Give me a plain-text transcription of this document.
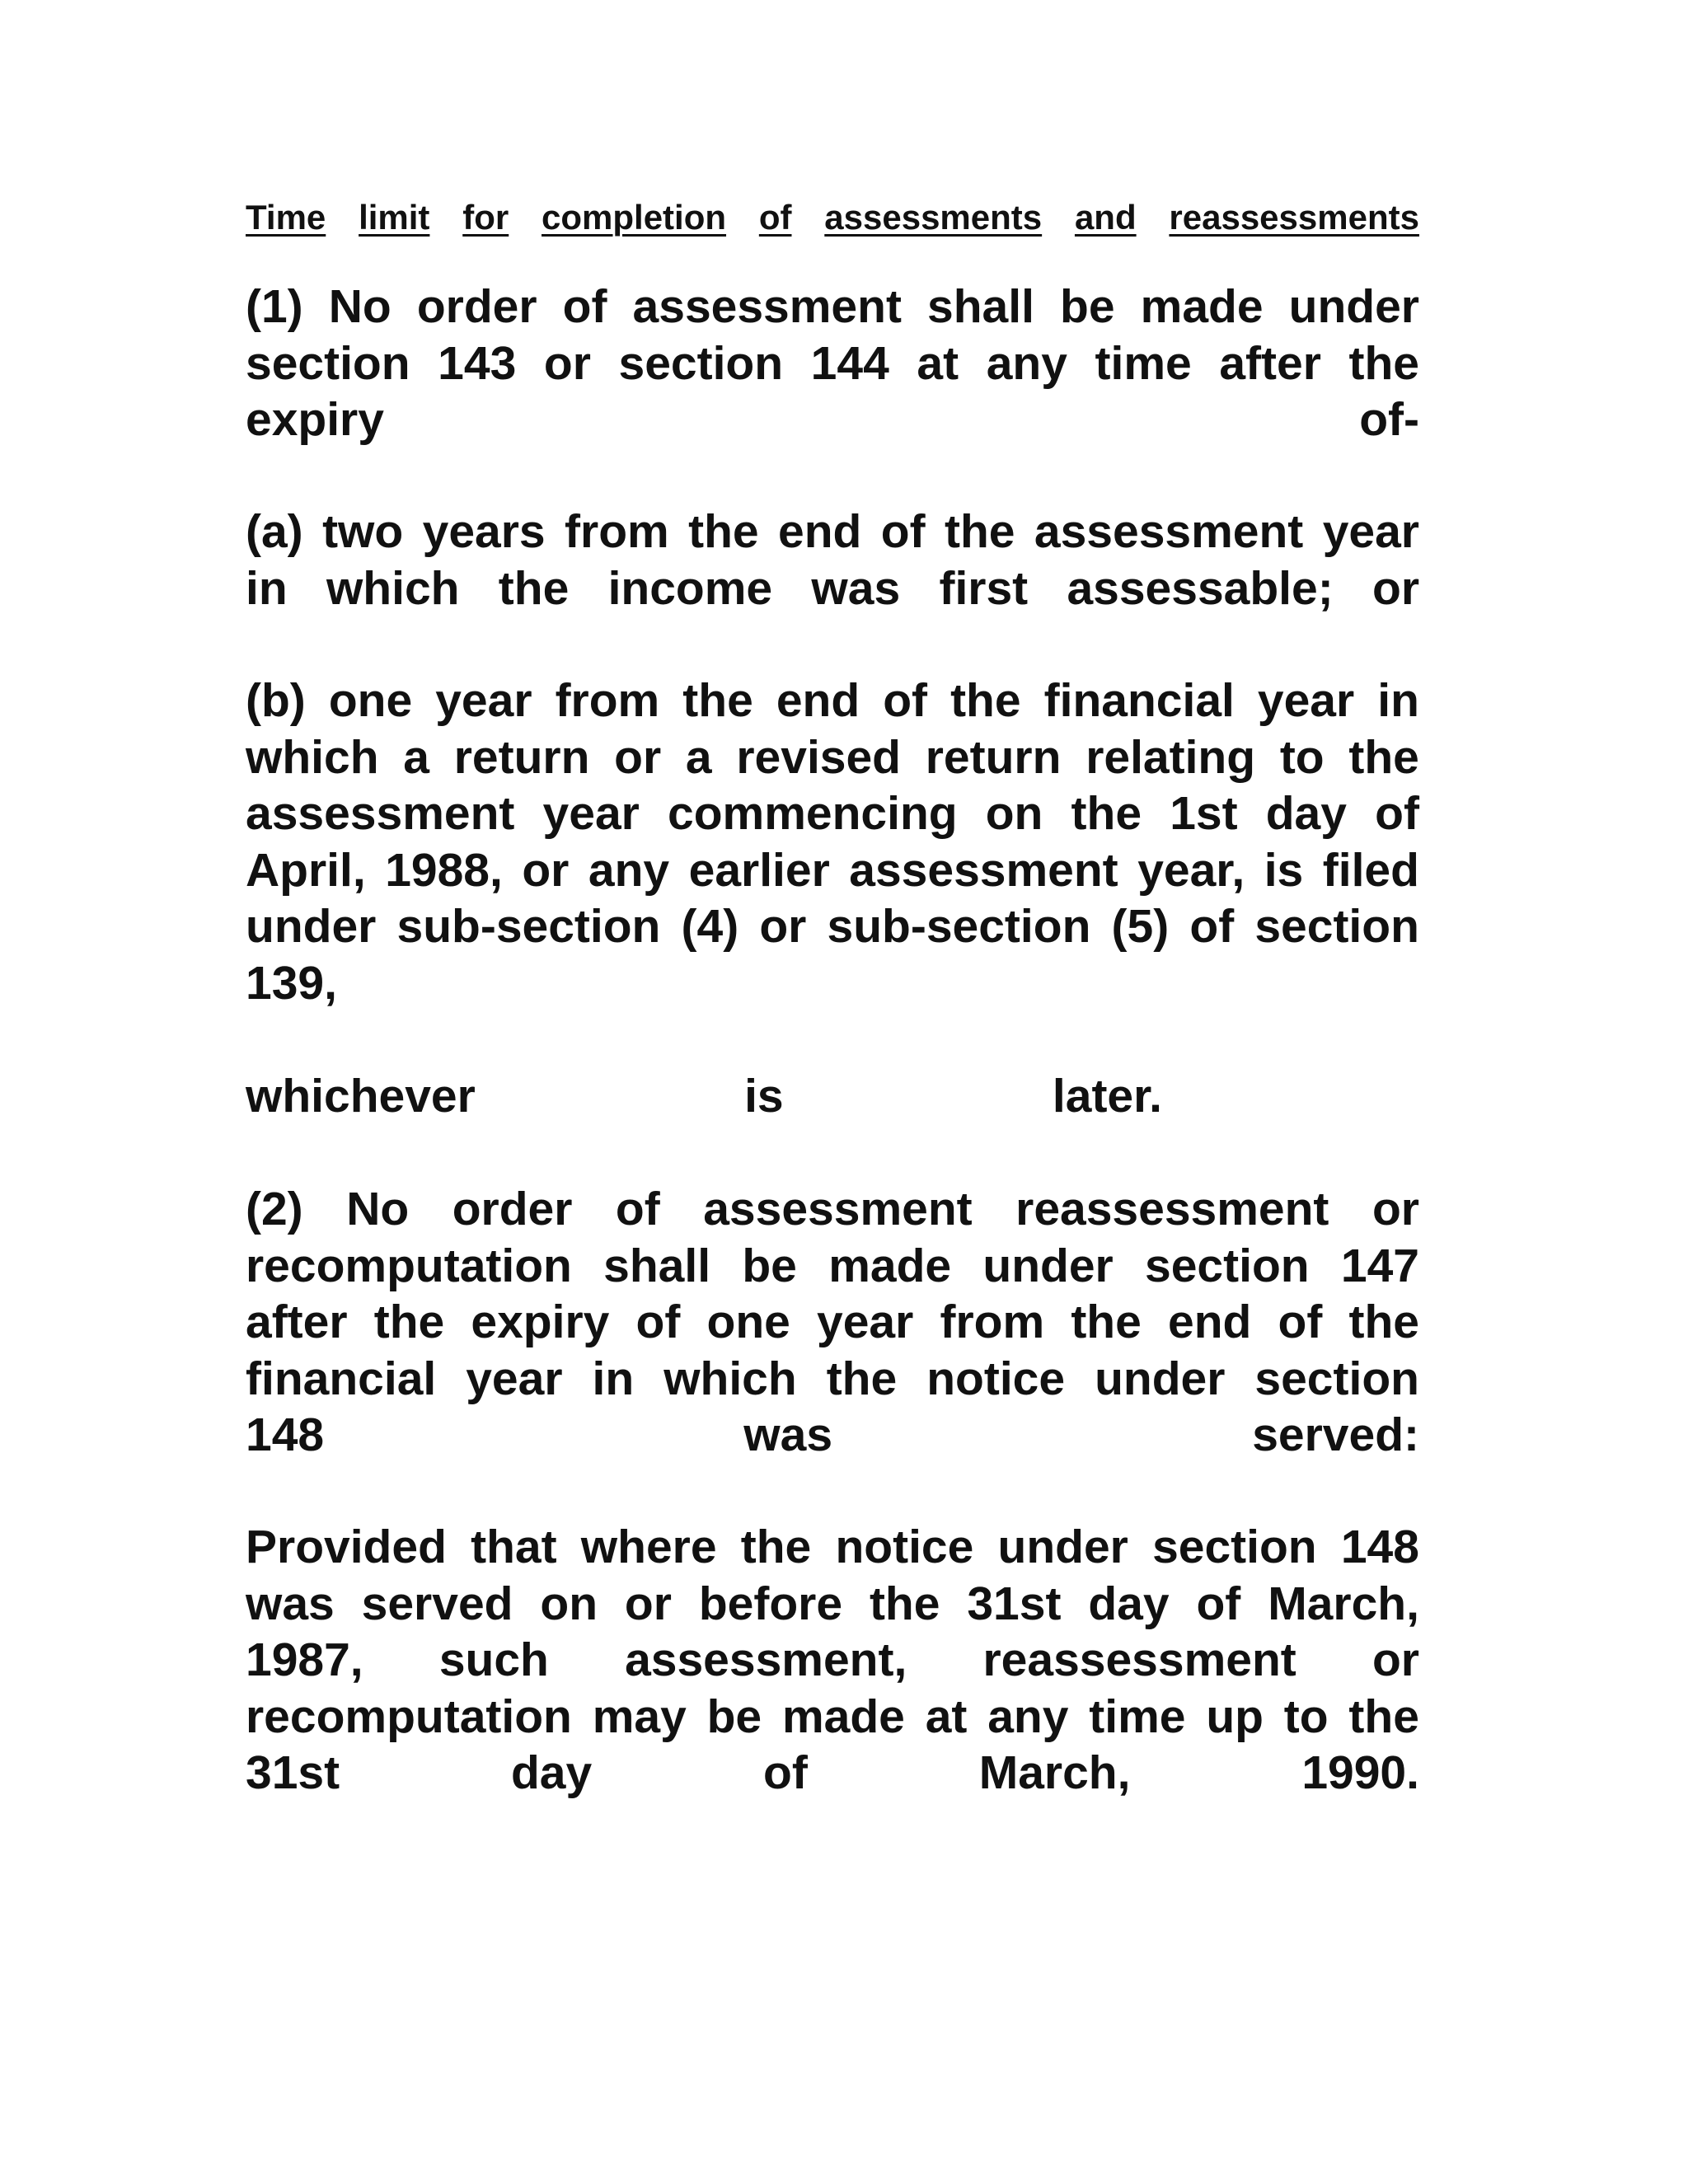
Time limit for completion of assessments and reassessments
(1) No order of assessment shall be made under
section 143 or section 144 at any time after the
expiry	of-
(a) two years from the end of the assessment year
in which the income was first assessable; or
(b) one year from the end of the financial year in
which a return or a revised return relating to the
assessment year commencing on the 1st day of
April, 1988, or any earlier assessment year, is filed
under sub-section (4) or sub-section (5) of section
139,
whichever	is	later.
(2) No order of assessment reassessment or
recomputation shall be made under section 147
after the expiry of one year from the end of the
financial year in which the notice under section
148	was	served:
Provided that where the notice under section 148
was served on or before the 31st day of March,
1987, such assessment, reassessment or
recomputation may be made at any time up to the
31st	day	of	March,	1990.
